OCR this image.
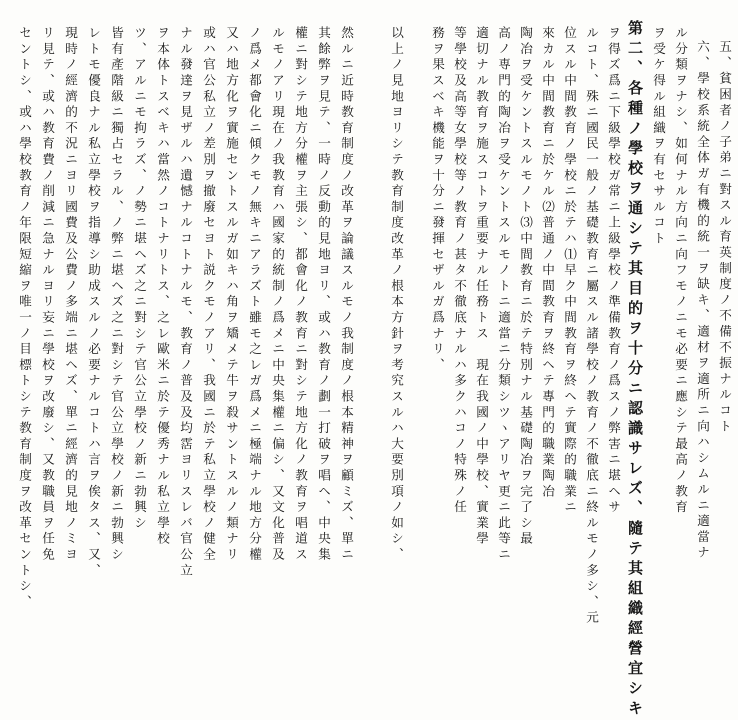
五、貧困者ノ子弟ニ對スル育英制度ノ不備不振ナルコト
六、學校系統全体ガ有機的統一ヲ缺キ、適材ヲ適所ニ向ハシムルニ適當ナ
ル分類ヲナシ、如何ナル方向ニ向フモノニモ必要ニ應シテ最高ノ教育
ヲ受ケ得ル組織ヲ有セサルコト
第二、各種ノ學校ヲ通シテ其目的ヲ十分ニ認識サレズ、隨テ其組織經營宜シキ
ヲ得ズ爲ニ下級學校ガ常ニ上級學校ノ準備教育ノ爲スノ弊害ニ堪ヘサ
ルコト、殊ニ國民一般ノ基礎教育ニ屬スル諸學校ノ教育ノ不徹底ニ終ルモノ多シ、元
位スル中間教育ノ學校ニ於テハ⑴早ク中間教育ヲ終ヘテ實際的職業ニ
來カル中間教育ニ於ケル⑵普通ノ中間教育ヲ終ヘテ專門的職業陶冶
陶冶ヲ受ケントスルモノト⑶中間教育ニ於テ特別ナル基礎陶冶ヲ完了シ最
高ノ専門的陶冶ヲ受ケントスルモノトニ適當ニ分類シツヽアリヤ更ニ此等ニ
適切ナル教育ヲ施スコトヲ重要ナル任務トス　現在我國ノ中學校、實業學
等學校及高等女學校等ノ教育ノ甚タ不徹底ナルハ多クハコノ特殊ノ任
務ヲ果スベキ機能ヲ十分ニ發揮セザルガ爲ナリ、
以上ノ見地ヨリシテ教育制度改革ノ根本方針ヲ考究スルハ大要別項ノ如シ、
然ルニ近時教育制度ノ改革ヲ論議スルモノ我制度ノ根本精神ヲ顧ミズ、單ニ
其餘弊ヲ見テ、一時ノ反動的見地ヨリ、或ハ教育ノ劃一打破ヲ唱ヘ、中央集
權ニ對シテ地方分權ヲ主張シ、都會化ノ教育ニ對シテ地方化ノ教育ヲ唱道ス
ルモノアリ現在ノ我教育ハ國家的統制ノ爲メニ中央集權ニ偏シ、又文化普及
ノ爲メ都會化ニ傾クモノ無キニアラズト雖モ之レガ爲メニ極端ナル地方分權
又ハ地方化ヲ實施セントスルガ如キハ角ヲ矯メテ牛ヲ殺サントスルノ類ナリ
或ハ官公私立ノ差別ヲ撤廢セヨト説クモノアリ、我國ニ於テ私立學校ノ健全
ナル發達ヲ見ザルハ遺憾ナルコトナルモ、教育ノ普及及均霑ヨリスレバ官公立
ヲ本体トスベキハ當然ノコトナリトス、之レ歐米ニ於テ優秀ナル私立學校
ツ、アルニモ拘ラズ、ノ勢ニ堪ヘズ之ニ對シテ官公立學校ノ新ニ勃興シ
皆有產階級ニ獨占セラル、ノ弊ニ堪ヘズ之ニ對シテ官公立學校ノ新ニ勃興シ
レトモ優良ナル私立學校ヲ指導シ助成スルノ必要ナルコトハ言ヲ俟タス、又、
現時ノ經濟的不況ニヨリ國費及公費ノ多端ニ堪ヘズ、單ニ經濟的見地ノミヨ
リ見テ、或ハ教育費ノ削減ニ急ナルヨリ妄ニ學校ヲ改廢シ、又教職員ヲ任免
セントシ、或ハ學校教育ノ年限短縮ヲ唯一ノ目標トシテ教育制度ヲ改革セントシ、
